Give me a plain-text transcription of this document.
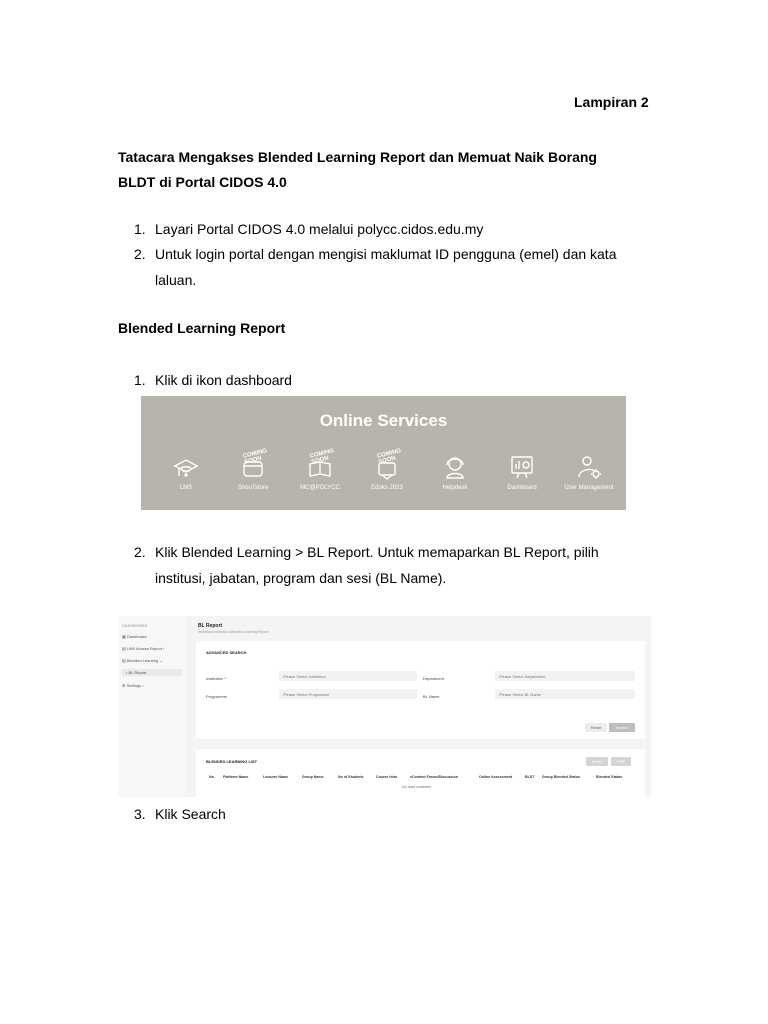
Lampiran 2
Tatacara Mengakses Blended Learning Report dan Memuat Naik Borang BLDT di Portal CIDOS 4.0
1. Layari Portal CIDOS 4.0 melalui polycc.cidos.edu.my
2. Untuk login portal dengan mengisi maklumat ID pengguna (emel) dan kata laluan.
Blended Learning Report
1. Klik di ikon dashboard
Online Services
LMS
COMING SOON
ShouTstore
COMING SOON
MC@POLYCC
COMING SOON
Edoks 2023	Helpdesk	Dashboard	User Management
2. Klik Blended Learning > BL Report. Untuk memaparkan BL Report, pilih institusi, jabatan, program dan sesi (BL Name).
DASHBOARD
▦ Dashboard
▤ LMS Access Report ›
▤ Blended Learning ⌄
• BL Report
⚙ Settings ›
BL Report
Individual institution Blended Learning Report
ADVANCED SEARCH
Institution *	Please Select Institution	Department	Please Select Department
Programme	Please Select Programme	BL Name	Please Select BL Name
Reset	Search
BLENDED LEARNING LIST	Excel	PDF
No. Platform Name	Lecturer Name	Group Name	No of Students	Course Intro	eContent Forum/Discussion	Online Assessment	BLDT Group Blended Status	Blended Status
No data available
3. Klik Search
